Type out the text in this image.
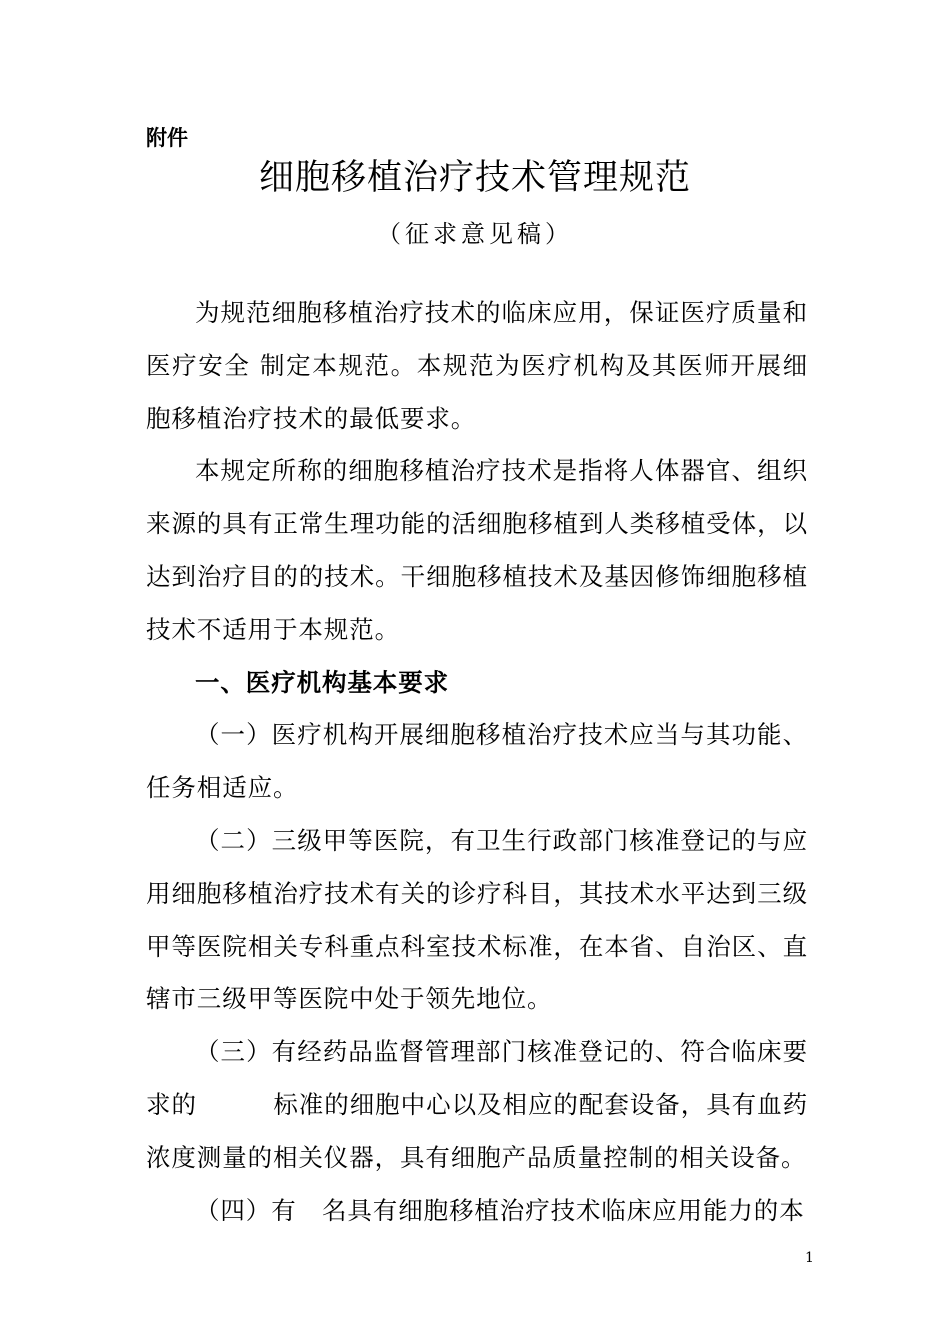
附件
细胞移植治疗技术管理规范
（征求意见稿）

为规范细胞移植治疗技术的临床应用，保证医疗质量和医疗安全 制定本规范。本规范为医疗机构及其医师开展细胞移植治疗技术的最低要求。

本规定所称的细胞移植治疗技术是指将人体器官、组织来源的具有正常生理功能的活细胞移植到人类移植受体，以达到治疗目的的技术。干细胞移植技术及基因修饰细胞移植技术不适用于本规范。

一、医疗机构基本要求

（一）医疗机构开展细胞移植治疗技术应当与其功能、任务相适应。

（二）三级甲等医院，有卫生行政部门核准登记的与应用细胞移植治疗技术有关的诊疗科目，其技术水平达到三级甲等医院相关专科重点科室技术标准，在本省、自治区、直辖市三级甲等医院中处于领先地位。

（三）有经药品监督管理部门核准登记的、符合临床要求的　　　标准的细胞中心以及相应的配套设备，具有血药浓度测量的相关仪器，具有细胞产品质量控制的相关设备。

（四）有　名具有细胞移植治疗技术临床应用能力的本

1
